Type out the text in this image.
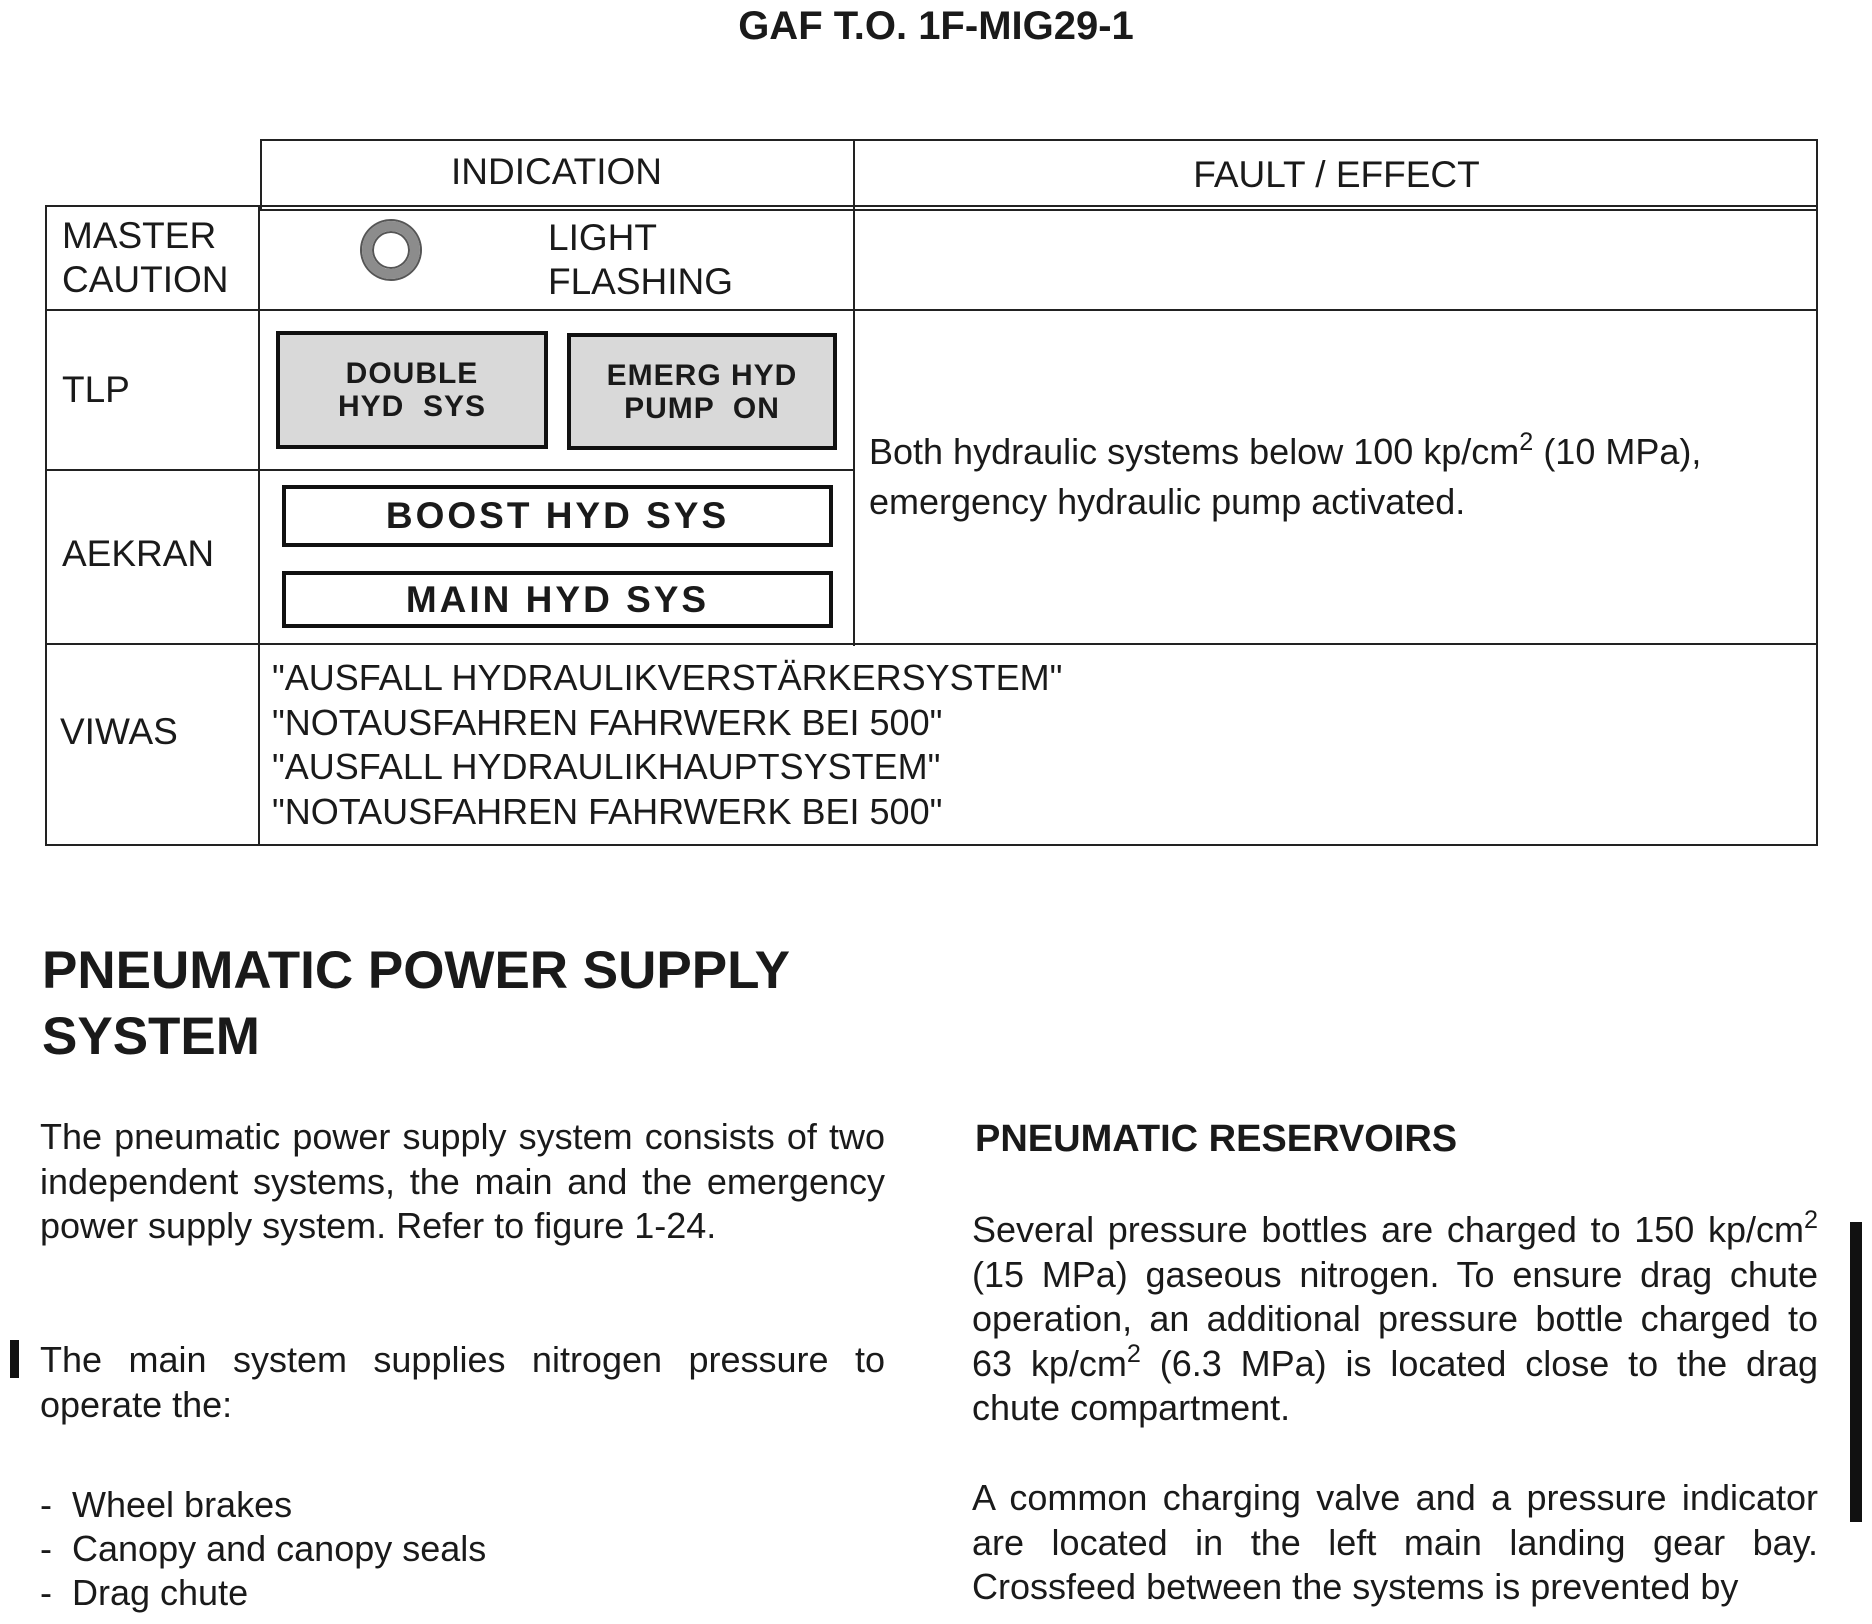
GAF T.O. 1F-MIG29-1
INDICATION	FAULT / EFFECT
MASTER
CAUTION
LIGHT
FLASHING
TLP	DOUBLE
HYD  SYS
EMERG HYD
PUMP  ON
AEKRAN
BOOST HYD SYS
MAIN HYD SYS
Both hydraulic systems below 100 $kp/cm^2$ (10 MPa),
emergency hydraulic pump activated.
VIWAS
"AUSFALL HYDRAULIKVERSTÄRKERSYSTEM"
"NOTAUSFAHREN FAHRWERK BEI 500"
"AUSFALL HYDRAULIKHAUPTSYSTEM"
"NOTAUSFAHREN FAHRWERK BEI 500"
PNEUMATIC POWER SUPPLY
SYSTEM
The pneumatic power supply system consists of two independent systems, the main and the emergency power supply system. Refer to figure 1-24.
The main system supplies nitrogen pressure to operate the:
-  Wheel brakes
-  Canopy and canopy seals
-  Drag chute
PNEUMATIC RESERVOIRS
Several pressure bottles are charged to 150 $kp/cm^2$ (15 MPa) gaseous nitrogen. To ensure drag chute operation, an additional pressure bottle charged to 63 $kp/cm^2$ (6.3 MPa) is located close to the drag chute compartment.
A common charging valve and a pressure indicator are located in the left main landing gear bay. Crossfeed between the systems is prevented by
